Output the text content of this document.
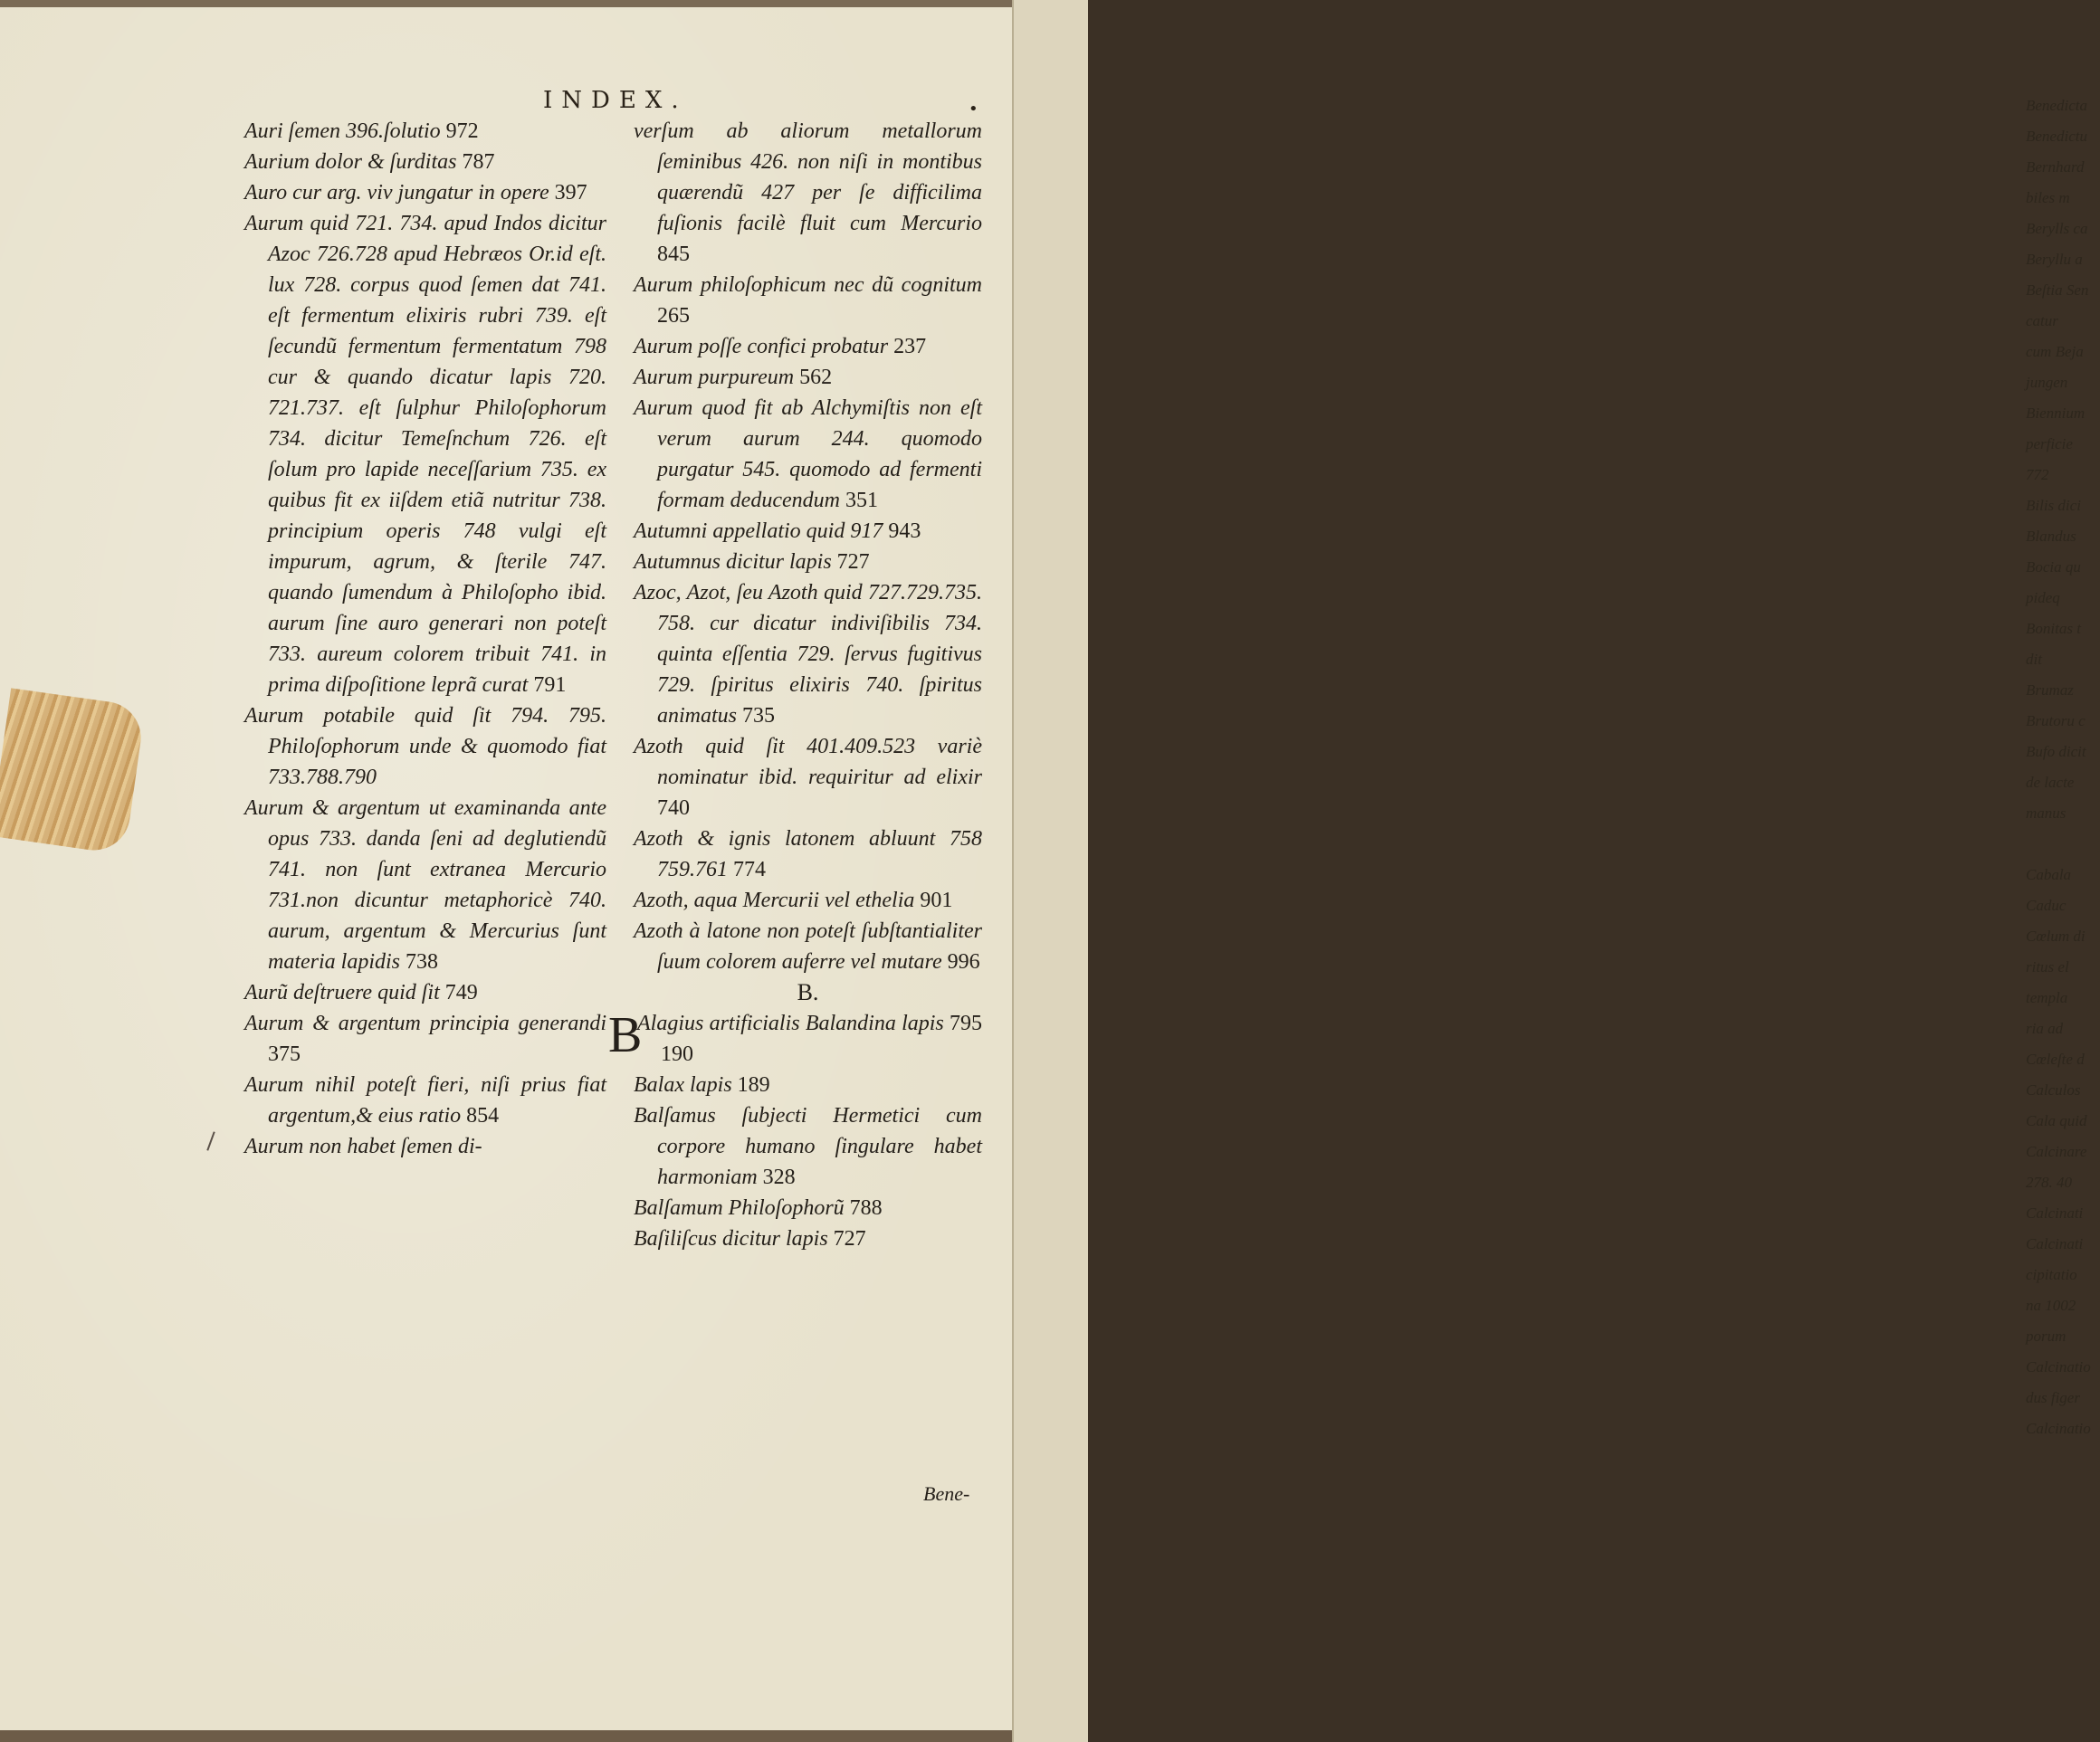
INDEX.	•
Auri ſemen 396.ſolutio 972
Aurium dolor & ſurditas 787
Auro cur arg. viv jungatur in opere 397
Aurum quid 721. 734. apud Indos dicitur Azoc 726.728 apud Hebræos Or.id eſt. lux 728. corpus quod ſemen dat 741. eſt fermentum elixiris rubri 739. eſt ſecundũ fermentum fermentatum 798 cur & quando dicatur lapis 720. 721.737. eſt ſulphur Philoſophorum 734. dicitur Temeſnchum 726. eſt ſolum pro lapide neceſſarium 735. ex quibus fit ex iiſdem etiã nutritur 738. principium operis 748 vulgi eſt impurum, agrum, & ſterile 747. quando ſumendum à Philoſopho ibid. aurum ſine auro generari non poteſt 733. aureum colorem tribuit 741. in prima diſpoſitione leprã curat 791
Aurum potabile quid ſit 794. 795. Philoſophorum unde & quomodo fiat 733.788.790
Aurum & argentum ut examinanda ante opus 733. danda ſeni ad deglutiendũ 741. non ſunt extranea Mercurio 731.non dicuntur metaphoricè 740. aurum, argentum & Mercurius ſunt materia lapidis 738
Aurũ deſtruere quid ſit 749
Aurum & argentum principia generandi 375
Aurum nihil poteſt fieri, niſi prius fiat argentum,& eius ratio 854
Aurum non habet ſemen di-
verſum ab aliorum metallorum ſeminibus 426. non niſi in montibus quærendũ 427 per ſe difficilima fuſionis facilè fluit cum Mercurio 845
Aurum philoſophicum nec dũ cognitum 265
Aurum poſſe confici probatur 237
Aurum purpureum 562
Aurum quod fit ab Alchymiſtis non eſt verum aurum 244. quomodo purgatur 545. quomodo ad fermenti formam deducendum 351
Autumni appellatio quid 917 943
Autumnus dicitur lapis 727
Azoc, Azot, ſeu Azoth quid 727.729.735. 758. cur dicatur indiviſibilis 734. quinta eſſentia 729. ſervus fugitivus 729. ſpiritus elixiris 740. ſpiritus animatus 735
Azoth quid ſit 401.409.523 variè nominatur ibid. requiritur ad elixir 740
Azoth & ignis latonem abluunt 758 759.761 774
Azoth, aqua Mercurii vel ethelia 901
Azoth à latone non poteſt ſubſtantialiter ſuum colorem auferre vel mutare 996
B.
B
Alagius artificialis Balandina lapis 795 190
Balax lapis 189
Balſamus ſubjecti Hermetici cum corpore humano ſingulare habet harmoniam 328
Balſamum Philoſophorũ 788
Baſiliſcus dicitur lapis 727
Bene-
Benedicta
Benedictu
Bernhard
biles m
Berylls ca
Beryllu a
Beſtia Sen
catur
cum Beja
jungen
Biennium
perficie
772
Bilis dici
Blandus
Bocia qu
pideq
Bonitas t
dit
Brumaz
Brutoru c
Bufo dicit
de lacte
manus

Cabala
Caduc
Cœlum di
ritus el
templa
ria ad
Cœleſte d
Calculos
Cala quid
Calcinare
278. 40
Calcinati
Calcinati
cipitatio
na 1002
porum
Calcinatio
dus figer
Calcinatio
